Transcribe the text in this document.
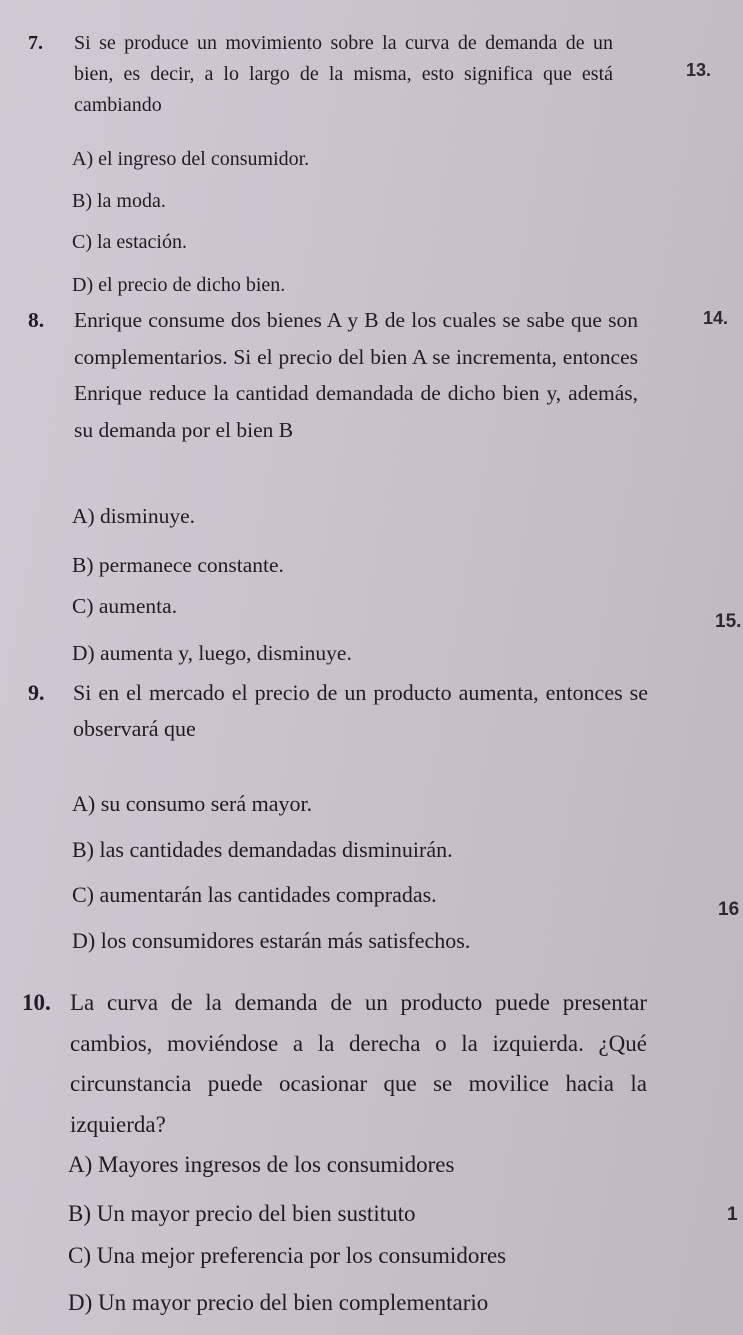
7.	Si se produce un movimiento sobre la curva de demanda de un bien, es decir, a lo largo de la misma, esto significa que está cambiando
A) el ingreso del consumidor.
B) la moda.
C) la estación.
D) el precio de dicho bien.
8.	Enrique consume dos bienes A y B de los cuales se sabe que son complementarios. Si el precio del bien A se incrementa, entonces Enrique reduce la cantidad demandada de dicho bien y, además, su demanda por el bien B
A) disminuye.
B) permanece constante.
C) aumenta.
D) aumenta y, luego, disminuye.
9.	Si en el mercado el precio de un producto aumenta, entonces se observará que
A) su consumo será mayor.
B) las cantidades demandadas disminuirán.
C) aumentarán las cantidades compradas.
D) los consumidores estarán más satisfechos.
10. La curva de la demanda de un producto puede presentar cambios, moviéndose a la derecha o la izquierda. ¿Qué circunstancia puede ocasionar que se movilice hacia la izquierda?
A) Mayores ingresos de los consumidores
B) Un mayor precio del bien sustituto
C) Una mejor preferencia por los consumidores
D) Un mayor precio del bien complementario
13.
14.
15.
16
1
